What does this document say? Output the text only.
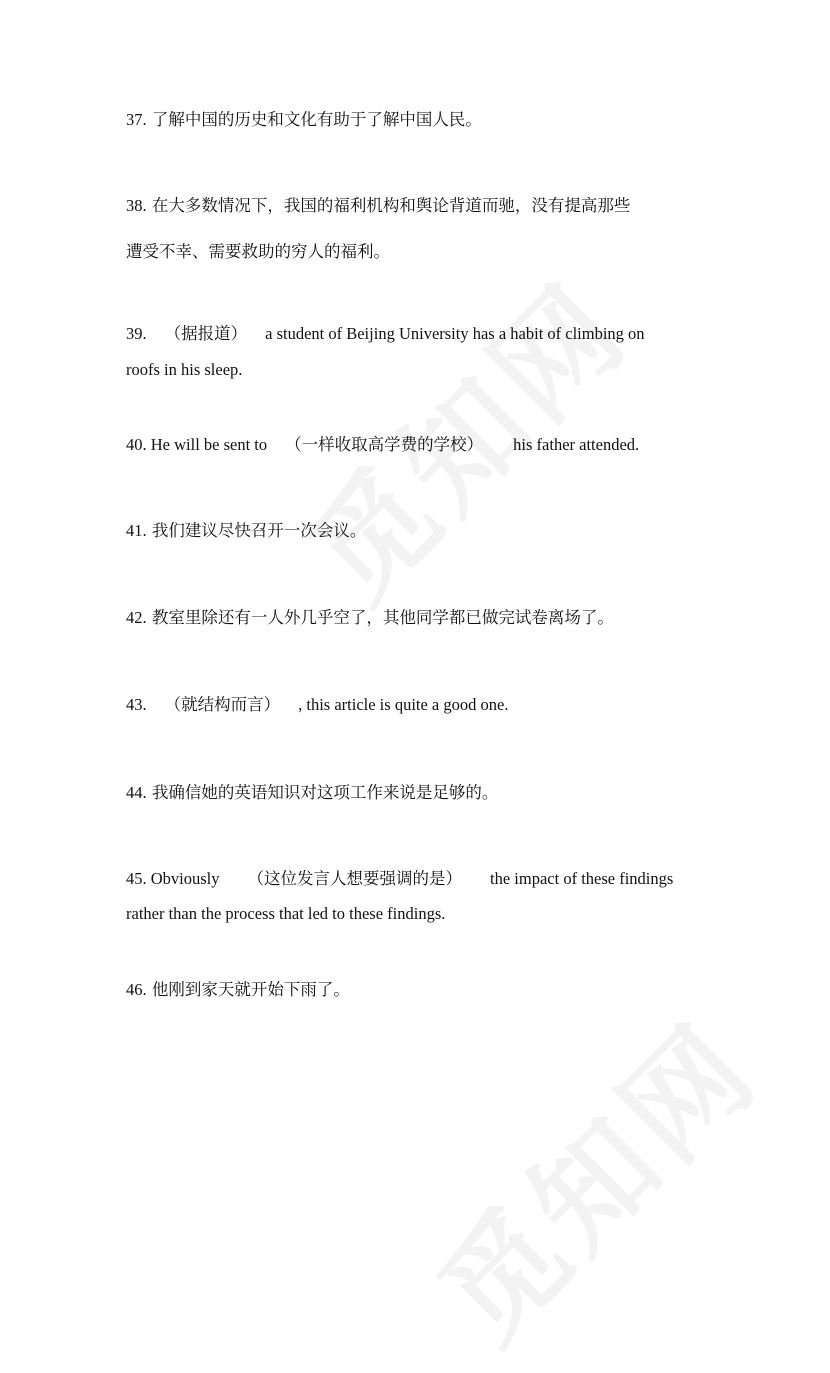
37. 了解中国的历史和文化有助于了解中国人民。
38. 在大多数情况下，我国的福利机构和舆论背道而驰，没有提高那些
遭受不幸、需要救助的穷人的福利。
39. （据报道） a student of Beijing University has a habit of climbing on
roofs in his sleep.
40. He will be sent to （一样收取高学费的学校） his father attended.
41. 我们建议尽快召开一次会议。
42. 教室里除还有一人外几乎空了，其他同学都已做完试卷离场了。
43. （就结构而言） , this article is quite a good one.
44. 我确信她的英语知识对这项工作来说是足够的。
45. Obviously （这位发言人想要强调的是） the impact of these findings
rather than the process that led to these findings.
46. 他刚到家天就开始下雨了。
